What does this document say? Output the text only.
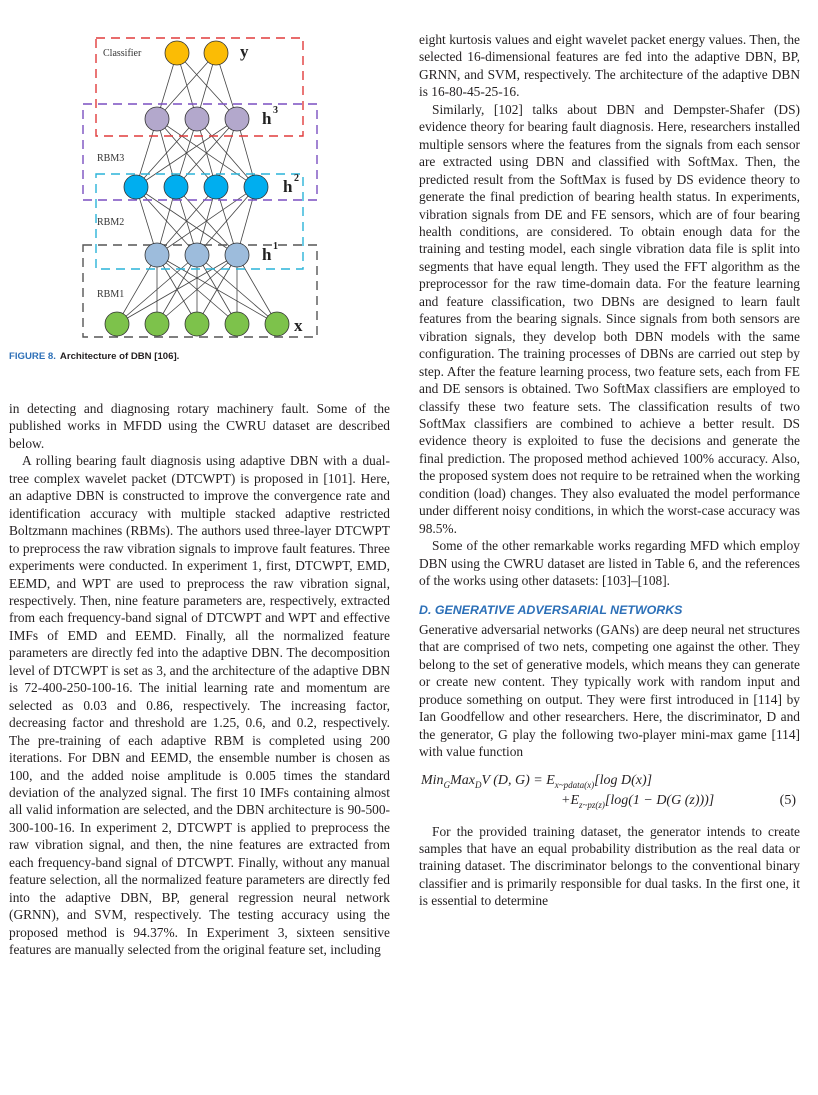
Classifier
RBM3
RBM2
RBM1
y
h 3
h 2
h 1
x
FIGURE 8. Architecture of DBN [106].

in detecting and diagnosing rotary machinery fault. Some of the published works in MFDD using the CWRU dataset are described below.

A rolling bearing fault diagnosis using adaptive DBN with a dual-tree complex wavelet packet (DTCWPT) is proposed in [101]. Here, an adaptive DBN is constructed to improve the convergence rate and identification accuracy with multiple stacked adaptive restricted Boltzmann machines (RBMs). The authors used three-layer DTCWPT to preprocess the raw vibration signals to improve fault features. Three experiments were conducted. In experiment 1, first, DTCWPT, EMD, EEMD, and WPT are used to preprocess the raw vibration signal, respectively. Then, nine feature parameters are, respectively, extracted from each frequency-band signal of DTCWPT and WPT and effective IMFs of EMD and EEMD. Finally, all the normalized feature parameters are directly fed into the adaptive DBN. The decomposition level of DTCWPT is set as 3, and the architecture of the adaptive DBN is 72-400-250-100-16. The initial learning rate and momentum are selected as 0.03 and 0.86, respectively. The increasing factor, decreasing factor and threshold are 1.25, 0.6, and 0.2, respectively. The pre-training of each adaptive RBM is completed using 200 iterations. For DBN and EEMD, the ensemble number is chosen as 100, and the added noise amplitude is 0.005 times the standard deviation of the analyzed signal. The first 10 IMFs containing almost all valid information are selected, and the DBN architecture is 90-500-300-100-16. In experiment 2, DTCWPT is applied to preprocess the raw vibration signal, and then, the nine features are extracted from each frequency-band signal of DTCWPT. Finally, without any manual feature selection, all the normalized feature parameters are directly fed into the adaptive DBN, BP, general regression neural network (GRNN), and SVM, respectively. The testing accuracy using the proposed method is 94.37%. In Experiment 3, sixteen sensitive features are manually selected from the original feature set, including

eight kurtosis values and eight wavelet packet energy values. Then, the selected 16-dimensional features are fed into the adaptive DBN, BP, GRNN, and SVM, respectively. The architecture of the adaptive DBN is 16-80-45-25-16.

Similarly, [102] talks about DBN and Dempster-Shafer (DS) evidence theory for bearing fault diagnosis. Here, researchers installed multiple sensors where the features from the signals from each sensor are extracted using DBN and classified with SoftMax. Then, the predicted result from the SoftMax is fused by DS evidence theory to generate the final prediction of bearing health status. In experiments, vibration signals from DE and FE sensors, which are of four bearing health conditions, are considered. To obtain enough data for the training and testing model, each single vibration data file is split into segments that have equal length. They used the FFT algorithm as the preprocessor for the raw time-domain data. For the feature learning and feature classification, two DBNs are designed to learn fault features from the bearing signals. Since signals from both sensors are vibration signals, they develop both DBN models with the same configuration. The training processes of DBNs are carried out step by step. After the feature learning process, two feature sets, each from FE and DE sensors is obtained. Two SoftMax classifiers are employed to classify these two feature sets. The classification results of two SoftMax classifiers are combined to achieve a better result. DS evidence theory is exploited to fuse the decisions and generate the final prediction. The proposed method achieved 100% accuracy. Also, the proposed system does not require to be retrained when the working condition (load) changes. They also evaluated the model performance under different noisy conditions, in which the worst-case accuracy was 98.5%.

Some of the other remarkable works regarding MFD which employ DBN using the CWRU dataset are listed in Table 6, and the references of the works using other datasets: [103]–[108].

D. GENERATIVE ADVERSARIAL NETWORKS

Generative adversarial networks (GANs) are deep neural net structures that are comprised of two nets, competing one against the other. They belong to the set of generative models, which means they can generate or create new content. They typically work with random input and produce something on output. They were first introduced in [114] by Ian Goodfellow and other researchers. Here, the discriminator, D and the generator, G play the following two-player mini-max game [114] with value function

Min$_G$Max$_D$V (D, $G) = E_{x\sim pdata(x)}[\log$ D(x)]
$+E_{z\sim pz(z)}[\log(1 - D(G$ (z)))]	(5)

For the provided training dataset, the generator intends to create samples that have an equal probability distribution as the real data or training dataset. The discriminator belongs to the conventional binary classifier and is primarily responsible for dual tasks. In the first one, it is essential to determine
